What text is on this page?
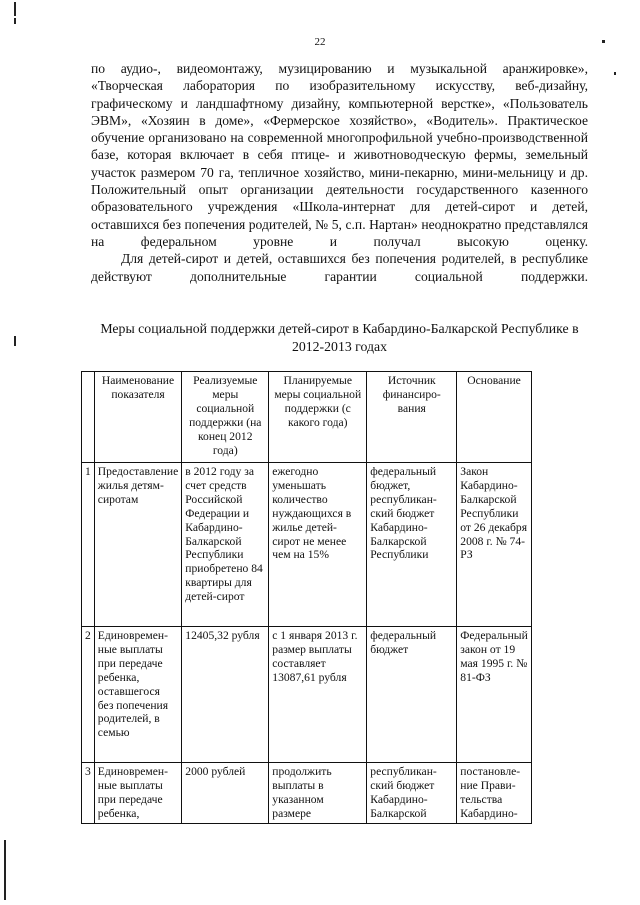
22

по аудио-, видеомонтажу, музицированию и музыкальной аранжировке», «Творческая лаборатория по изобразительному искусству, веб-дизайну, графическому и ландшафтному дизайну, компьютерной верстке», «Пользователь ЭВМ», «Хозяин в доме», «Фермерское хозяйство», «Водитель». Практическое обучение организовано на современной многопрофильной учебно-производственной базе, которая включает в себя птице- и животноводческую фермы, земельный участок размером 70 га, тепличное хозяйство, мини-пекарню, мини-мельницу и др. Положительный опыт организации деятельности государственного казенного образовательного учреждения «Школа-интернат для детей-сирот и детей, оставшихся без попечения родителей, № 5, с.п. Нартан» неоднократно представлялся на федеральном уровне и получал высокую оценку.

Для детей-сирот и детей, оставшихся без попечения родителей, в республике действуют дополнительные гарантии социальной поддержки.

Меры социальной поддержки детей-сирот в Кабардино-Балкарской Республике в 2012-2013 годах
	Наименование показателя	Реализуемые меры социальной поддержки (на конец 2012 года)	Планируемые меры социальной поддержки (с какого года)	Источник финансиро-вания	Основание
1	Предоставление жилья детям-сиротам	в 2012 году за счет средств Российской Федерации и Кабардино-Балкарской Республики приобретено 84 квартиры для детей-сирот	ежегодно уменьшать количество нуждающихся в жилье детей-сирот не менее чем на 15%	федеральный бюджет, республикан-ский бюджет Кабардино-Балкарской Республики	Закон Кабардино-Балкарской Республики от 26 декабря 2008 г. № 74-РЗ
2	Единовремен-ные выплаты при передаче ребенка, оставшегося без попечения родителей, в семью	12405,32 рубля	с 1 января 2013 г. размер выплаты составляет 13087,61 рубля	федеральный бюджет	Федеральный закон от 19 мая 1995 г. № 81-ФЗ
3	Единовремен-ные выплаты при передаче ребенка,	2000 рублей	продолжить выплаты в указанном размере	республикан-ский бюджет Кабардино-Балкарской	постановле-ние Прави-тельства Кабардино-
